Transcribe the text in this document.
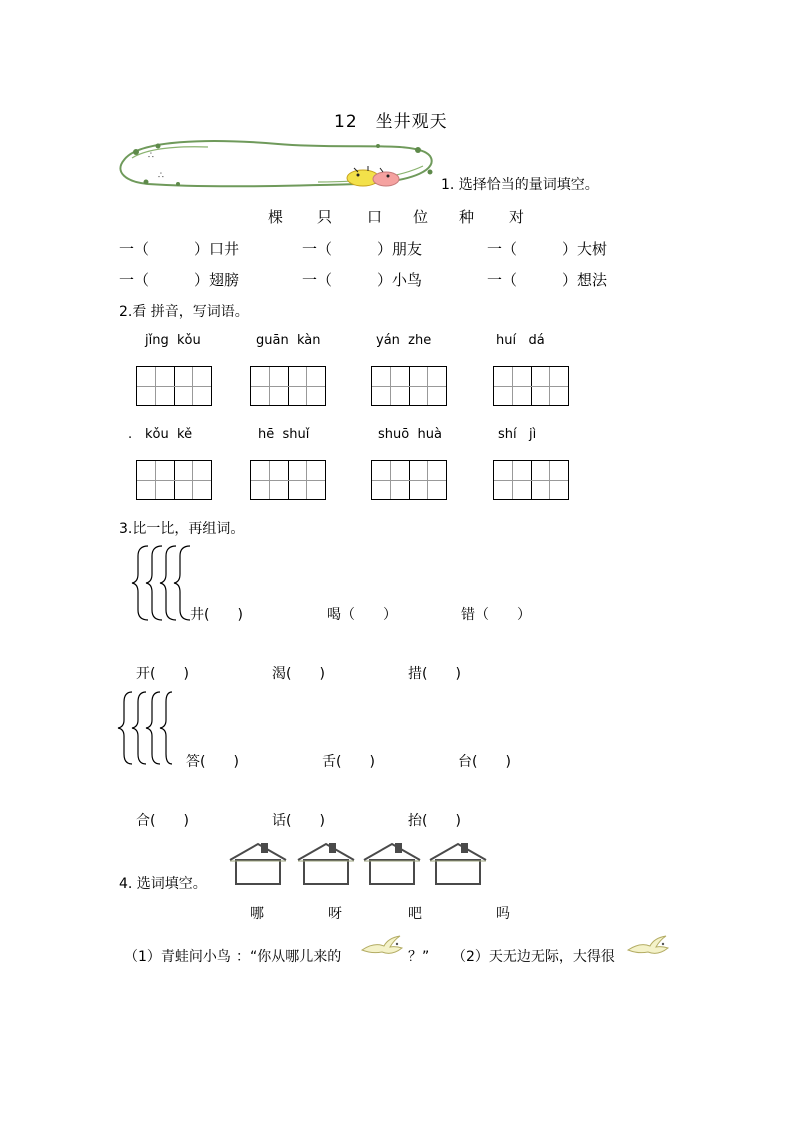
12　坐井观天
∴
∴
1. 选择恰当的量词填空。
棵 只 口 位 种 对
一（　　　）口井	一（　　　）朋友	一（　　　）大树
一（　　　）翅膀	一（　　　）小鸟	一（　　　）想法
2.看 拼音，写词语。
jǐng kǒu	guān kàn	yán zhe	huí dá
. kǒu kě	hē shuǐ	shuō huà	shí jì
3.比一比，再组词。
井(　　)	喝（　　）	错（　　）
开(　　)	渴(　　)	措(　　)
答(　　)	舌(　　)	台(　　)
合(　　)	话(　　)	抬(　　)
4. 选词填空。
哪	呀	吧	吗
（1）青蛙问小鸟 ：“你从哪儿来的	？” （2）天无边无际，大得很
